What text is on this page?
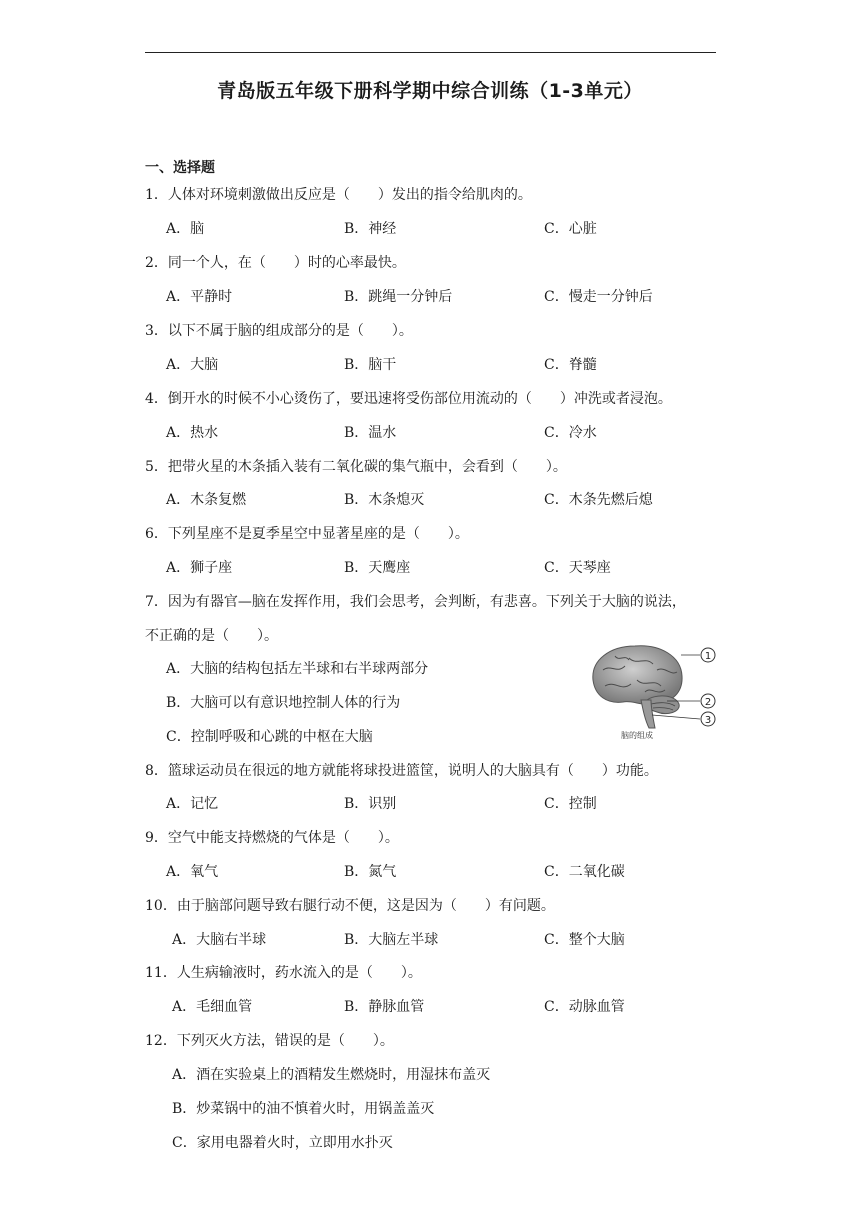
青岛版五年级下册科学期中综合训练（1-3单元）
一、选择题
1．人体对环境刺激做出反应是（　　）发出的指令给肌肉的。
A．脑	B．神经	C．心脏
2．同一个人，在（　　）时的心率最快。
A．平静时	B．跳绳一分钟后	C．慢走一分钟后
3．以下不属于脑的组成部分的是（　　）。
A．大脑	B．脑干	C．脊髓
4．倒开水的时候不小心烫伤了，要迅速将受伤部位用流动的（　　）冲洗或者浸泡。
A．热水	B．温水	C．冷水
5．把带火星的木条插入装有二氧化碳的集气瓶中，会看到（　　）。
A．木条复燃	B．木条熄灭	C．木条先燃后熄
6．下列星座不是夏季星空中显著星座的是（　　）。
A．狮子座	B．天鹰座	C．天琴座
7．因为有器官—脑在发挥作用，我们会思考，会判断，有悲喜。下列关于大脑的说法，
不正确的是（　　）。
A．大脑的结构包括左半球和右半球两部分
B．大脑可以有意识地控制人体的行为
C．控制呼吸和心跳的中枢在大脑
1
2
3
脑的组成
8．篮球运动员在很远的地方就能将球投进篮筐，说明人的大脑具有（　　）功能。
A．记忆	B．识别	C．控制
9．空气中能支持燃烧的气体是（　　）。
A．氧气	B．氮气	C．二氧化碳
10．由于脑部问题导致右腿行动不便，这是因为（　　）有问题。
A．大脑右半球	B．大脑左半球	C．整个大脑
11．人生病输液时，药水流入的是（　　）。
A．毛细血管	B．静脉血管	C．动脉血管
12．下列灭火方法，错误的是（　　）。
A．酒在实验桌上的酒精发生燃烧时，用湿抹布盖灭
B．炒菜锅中的油不慎着火时，用锅盖盖灭
C．家用电器着火时，立即用水扑灭
